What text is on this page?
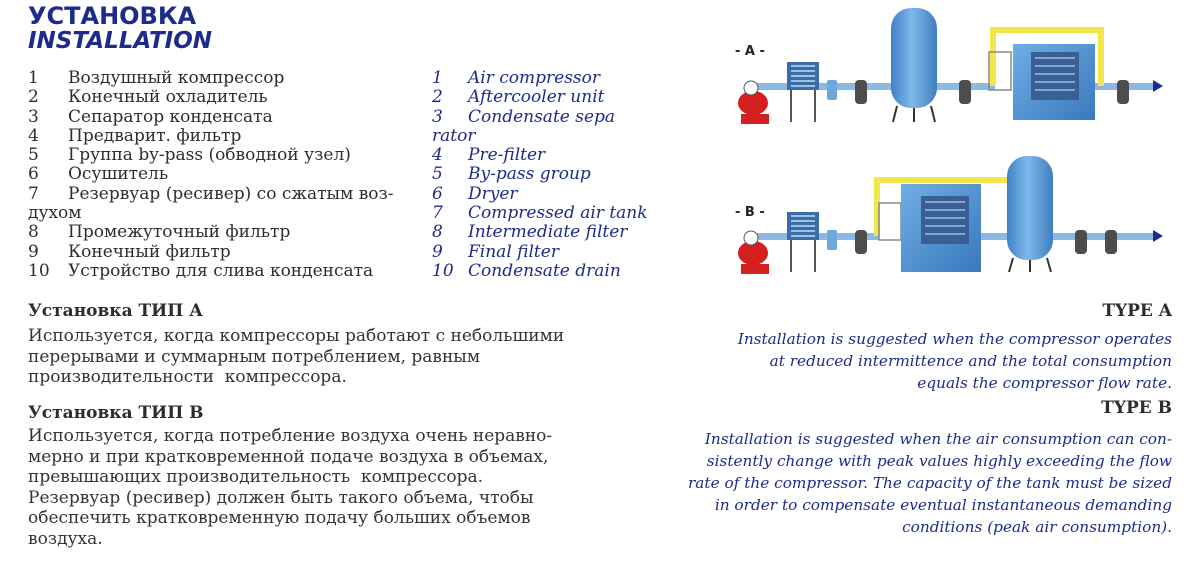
УСТАНОВКА
INSTALLATION
1 Воздушный компрессор
2 Конечный охладитель
3 Сепаратор конденсата
4 Предварит. фильтр
5 Группа by-pass (обводной узел)
6 Осушитель
7 Резервуар (ресивер) со сжатым воз-
духом
8 Промежуточный фильтр
9 Конечный фильтр
10 Устройство для слива конденсата
1 Air compressor
2 Aftercooler unit
3 Condensate sepa
rator
4 Pre-filter
5 By-pass group
6 Dryer
7 Compressed air tank
8 Intermediate filter
9 Final filter
10 Condensate drain
- A -
- B -
Установка ТИП А
Используется, когда компрессоры работают с небольшими
перерывами и суммарным потреблением, равным
производительности  компрессора.
TYPE A
Installation is suggested when the compressor operates
at reduced intermittence and the total consumption
equals the compressor flow rate.
Установка ТИП В
Используется, когда потребление воздуха очень неравно-
мерно и при кратковременной подаче воздуха в объемах,
превышающих производительность  компрессора.
Резервуар (ресивер) должен быть такого объема, чтобы
обеспечить кратковременную подачу больших объемов
воздуха.
TYPE B
Installation is suggested when the air consumption can con-
sistently change with peak values highly exceeding the flow
rate of the compressor. The capacity of the tank must be sized
in order to compensate eventual instantaneous demanding
conditions (peak air consumption).
